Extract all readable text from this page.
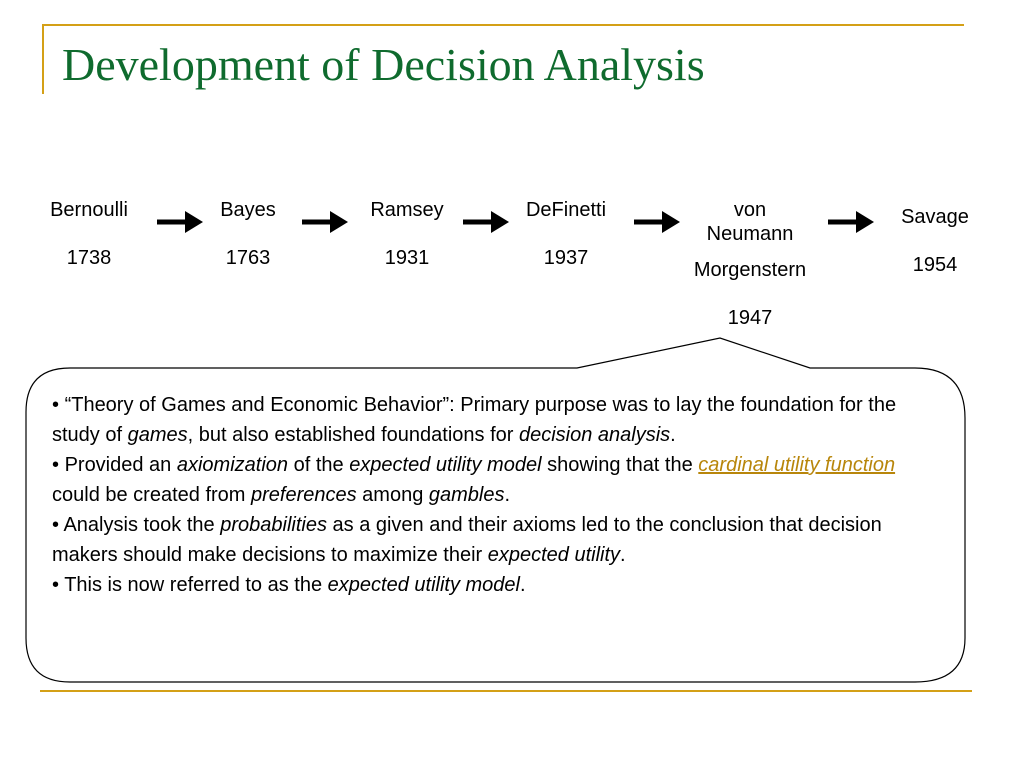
Development of Decision Analysis
Bernoulli
1738
Bayes
1763
Ramsey
1931
DeFinetti
1937
von
Neumann
Morgenstern
1947
Savage
1954

• “Theory of Games and Economic Behavior”: Primary purpose was to lay the foundation for the study of games, but also established foundations for decision analysis.

• Provided an axiomization of the expected utility model showing that the cardinal utility function could be created from preferences among gambles.

• Analysis took the probabilities as a given and their axioms led to the conclusion that decision makers should make decisions to maximize their expected utility.

• This is now referred to as the expected utility model.
